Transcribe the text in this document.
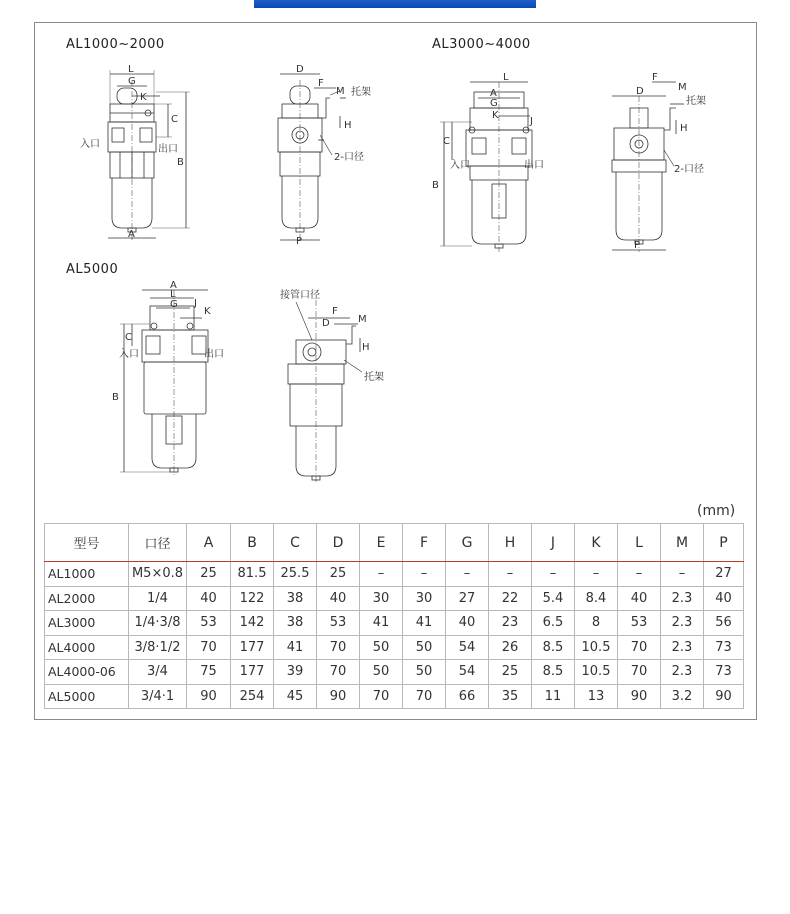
AL1000~2000	AL3000~4000
AL5000
L
G
K
C
B
A
入口	出口
D
F
M
H
P
托架
2-口径
L
A
G
K
J
C
B
入口	出口
F
D	M
H
P
托架
2-口径
A
L
G J
K
C
B
入口	出口
D
F
M
H
托架
接管口径
(mm)
型号	口径	A	B	C	D	E	F	G	H	J	K	L	M	P
AL1000	M5×0.8	25	81.5	25.5	25	–	–	–	–	–	–	–	–	27
AL2000	1/4	40	122	38	40	30	30	27	22	5.4	8.4	40	2.3	40
AL3000	1/4·3/8	53	142	38	53	41	41	40	23	6.5	8	53	2.3	56
AL4000	3/8·1/2	70	177	41	70	50	50	54	26	8.5	10.5	70	2.3	73
AL4000-06	3/4	75	177	39	70	50	50	54	25	8.5	10.5	70	2.3	73
AL5000	3/4·1	90	254	45	90	70	70	66	35	11	13	90	3.2	90
